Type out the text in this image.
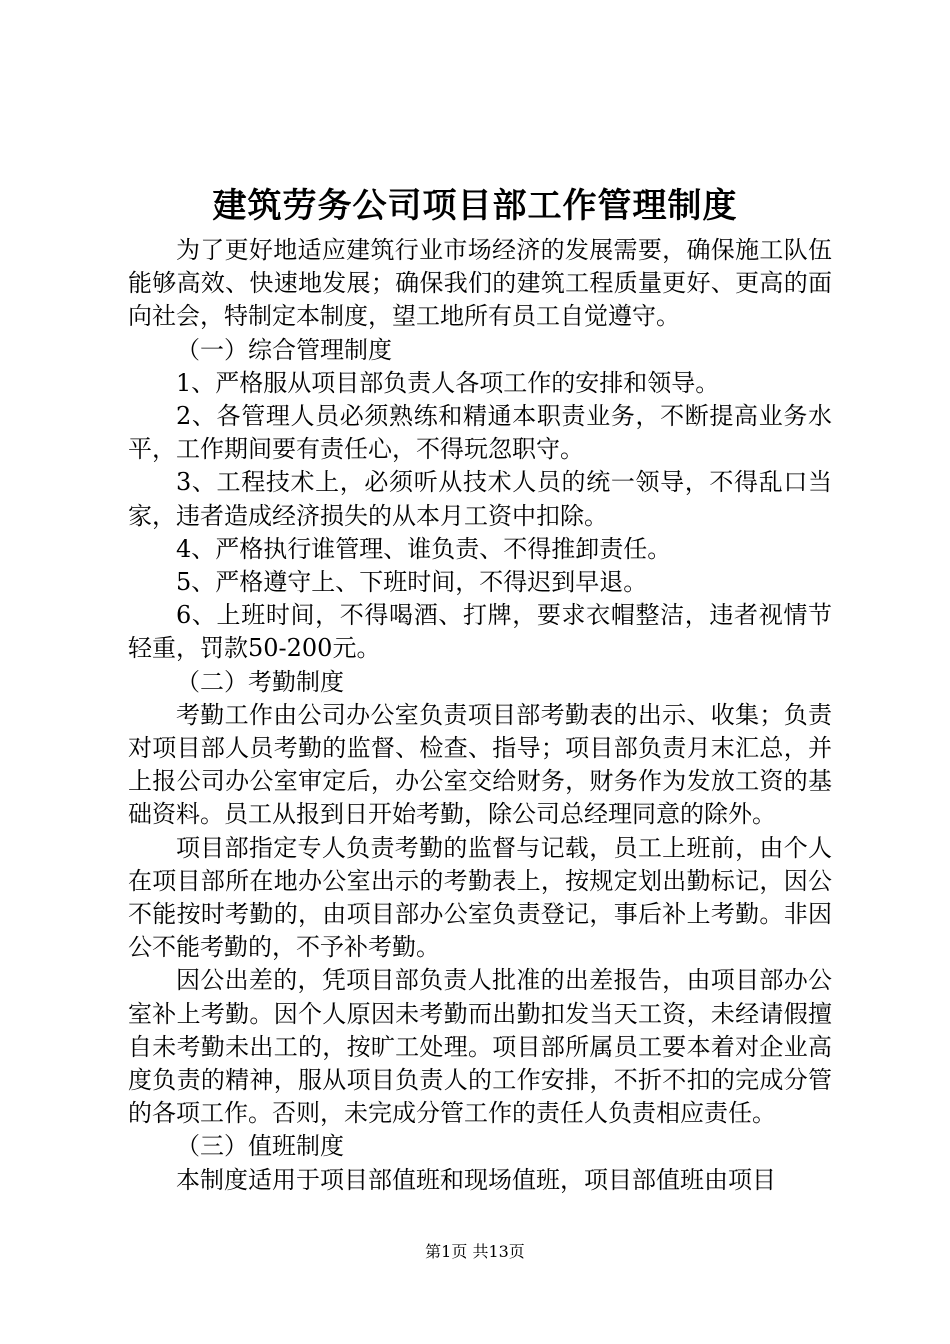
建筑劳务公司项目部工作管理制度

为了更好地适应建筑行业市场经济的发展需要，确保施工队伍能够高效、快速地发展；确保我们的建筑工程质量更好、更高的面向社会，特制定本制度，望工地所有员工自觉遵守。

（一）综合管理制度

1、严格服从项目部负责人各项工作的安排和领导。

2、各管理人员必须熟练和精通本职责业务，不断提高业务水平，工作期间要有责任心，不得玩忽职守。

3、工程技术上，必须听从技术人员的统一领导，不得乱口当家，违者造成经济损失的从本月工资中扣除。

4、严格执行谁管理、谁负责、不得推卸责任。

5、严格遵守上、下班时间，不得迟到早退。

6、上班时间，不得喝酒、打牌，要求衣帽整洁，违者视情节轻重，罚款50-200元。

（二）考勤制度

考勤工作由公司办公室负责项目部考勤表的出示、收集；负责对项目部人员考勤的监督、检查、指导；项目部负责月末汇总，并上报公司办公室审定后，办公室交给财务，财务作为发放工资的基础资料。员工从报到日开始考勤，除公司总经理同意的除外。

项目部指定专人负责考勤的监督与记载，员工上班前，由个人在项目部所在地办公室出示的考勤表上，按规定划出勤标记，因公不能按时考勤的，由项目部办公室负责登记，事后补上考勤。非因公不能考勤的，不予补考勤。

因公出差的，凭项目部负责人批准的出差报告，由项目部办公室补上考勤。因个人原因未考勤而出勤扣发当天工资，未经请假擅自未考勤未出工的，按旷工处理。项目部所属员工要本着对企业高度负责的精神，服从项目负责人的工作安排，不折不扣的完成分管的各项工作。否则，未完成分管工作的责任人负责相应责任。

（三）值班制度

本制度适用于项目部值班和现场值班，项目部值班由项目

第1页 共13页
